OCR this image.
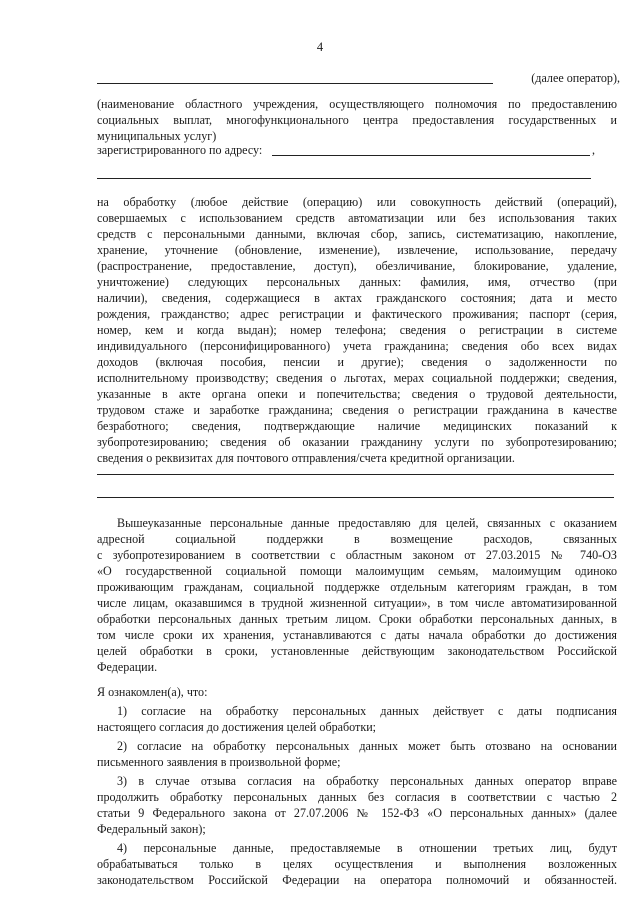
4
(далее оператор),
(наименование областного учреждения, осуществляющего полномочия по предоставлению
социальных выплат, многофункционального центра предоставления государственных и
муниципальных услуг)
зарегистрированного по адресу:	,
на обработку (любое действие (операцию) или совокупность действий (операций),
совершаемых с использованием средств автоматизации или без использования таких
средств с персональными данными, включая сбор, запись, систематизацию, накопление,
хранение, уточнение (обновление, изменение), извлечение, использование, передачу
(распространение, предоставление, доступ), обезличивание, блокирование, удаление,
уничтожение) следующих персональных данных: фамилия, имя, отчество (при
наличии), сведения, содержащиеся в актах гражданского состояния; дата и место
рождения, гражданство; адрес регистрации и фактического проживания; паспорт (серия,
номер, кем и когда выдан); номер телефона; сведения о регистрации в системе
индивидуального (персонифицированного) учета гражданина; сведения обо всех видах
доходов (включая пособия, пенсии и другие); сведения о задолженности по
исполнительному производству; сведения о льготах, мерах социальной поддержки; сведения,
указанные в акте органа опеки и попечительства; сведения о трудовой деятельности,
трудовом стаже и заработке гражданина; сведения о регистрации гражданина в качестве
безработного; сведения, подтверждающие наличие медицинских показаний к
зубопротезированию; сведения об оказании гражданину услуги по зубопротезированию;
сведения о реквизитах для почтового отправления/счета кредитной организации.
Вышеуказанные персональные данные предоставляю для целей, связанных с оказанием
адресной социальной поддержки в возмещение расходов, связанных
с зубопротезированием в соответствии с областным законом от 27.03.2015 № 740-ОЗ
«О государственной социальной помощи малоимущим семьям, малоимущим одиноко
проживающим гражданам, социальной поддержке отдельным категориям граждан, в том
числе лицам, оказавшимся в трудной жизненной ситуации», в том числе автоматизированной
обработки персональных данных третьим лицом. Сроки обработки персональных данных, в
том числе сроки их хранения, устанавливаются с даты начала обработки до достижения
целей обработки в сроки, установленные действующим законодательством Российской
Федерации.
Я ознакомлен(а), что:
1) согласие на обработку персональных данных действует с даты подписания
настоящего согласия до достижения целей обработки;
2) согласие на обработку персональных данных может быть отозвано на основании
письменного заявления в произвольной форме;
3) в случае отзыва согласия на обработку персональных данных оператор вправе
продолжить обработку персональных данных без согласия в соответствии с частью 2
статьи 9 Федерального закона от 27.07.2006 № 152-ФЗ «О персональных данных» (далее
Федеральный закон);
4) персональные данные, предоставляемые в отношении третьих лиц, будут
обрабатываться только в целях осуществления и выполнения возложенных
законодательством Российской Федерации на оператора полномочий и обязанностей.
